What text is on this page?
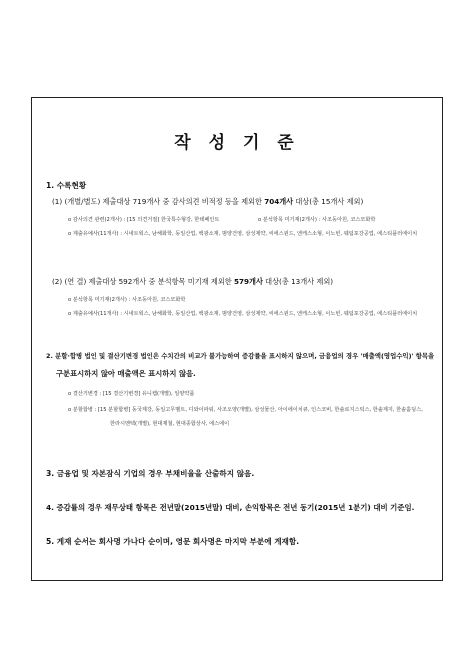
작 성 기 준
1. 수록현황
(1) (개별/별도) 제출대상 719개사 중 감사의견 비적정 등을 제외한 704개사 대상(총 15개사 제외)
o 감사의견 관련(2개사) : [15 의견거절] 한국특수형강, 한테페인트	o 분석항목 미기재(2개사) : 사조동아원, 코스모화학
o 제출유예사(11개사) : 시네트웍스, 남해화학, 동일산업, 백광소재, 범양건영, 삼성제약, 씨에스윈드, 엔케스소형, 이노빈, 웨팀포강공업, 에스티플러에이치
(2) (연 결) 제출대상 592개사 중 분석항목 미기재 제외한 579개사 대상(총 13개사 제외)
o 분석항목 미기재(2개사) : 사조동아원, 코스모화학
o 제출유예사(11개사) : 시네트웍스, 남해화학, 동일산업, 백광소재, 범양건영, 삼성제약, 씨에스윈드, 엔케스소형, 이노빈, 웨팀포강공업, 에스티플러에이치
2. 분할·합병 법인 및 결산기변경 법인은 수치간의 비교가 불가능하여 증감률을 표시하지 않으며, 금융업의 경우 '매출액(영업수익)' 항목을
구분표시하지 않아 매출액은 표시하지 않음.
o 결산기변경 : [15 결산기변경] 유니켐(개별), 일양약품
o 분할합병 : [15 분할합병] 동국제강, 동일고무벨트, 디와이파워, 사조오양(개별), 삼성물산, 아이에이치큐, 인스코비, 한솔로지스틱스, 한솔제지, 한솔홀딩스,
한라시멘텍(개별), 현대제철, 현대종합상사, 에스에이
3. 금융업 및 자본잠식 기업의 경우 부채비율을 산출하지 않음.
4. 증감률의 경우 재무상태 항목은 전년말(2015년말) 대비, 손익항목은 전년 동기(2015년 1분기) 대비 기준임.
5. 게재 순서는 회사명 가나다 순이며, 영문 회사명은 마지막 부분에 게재함.
